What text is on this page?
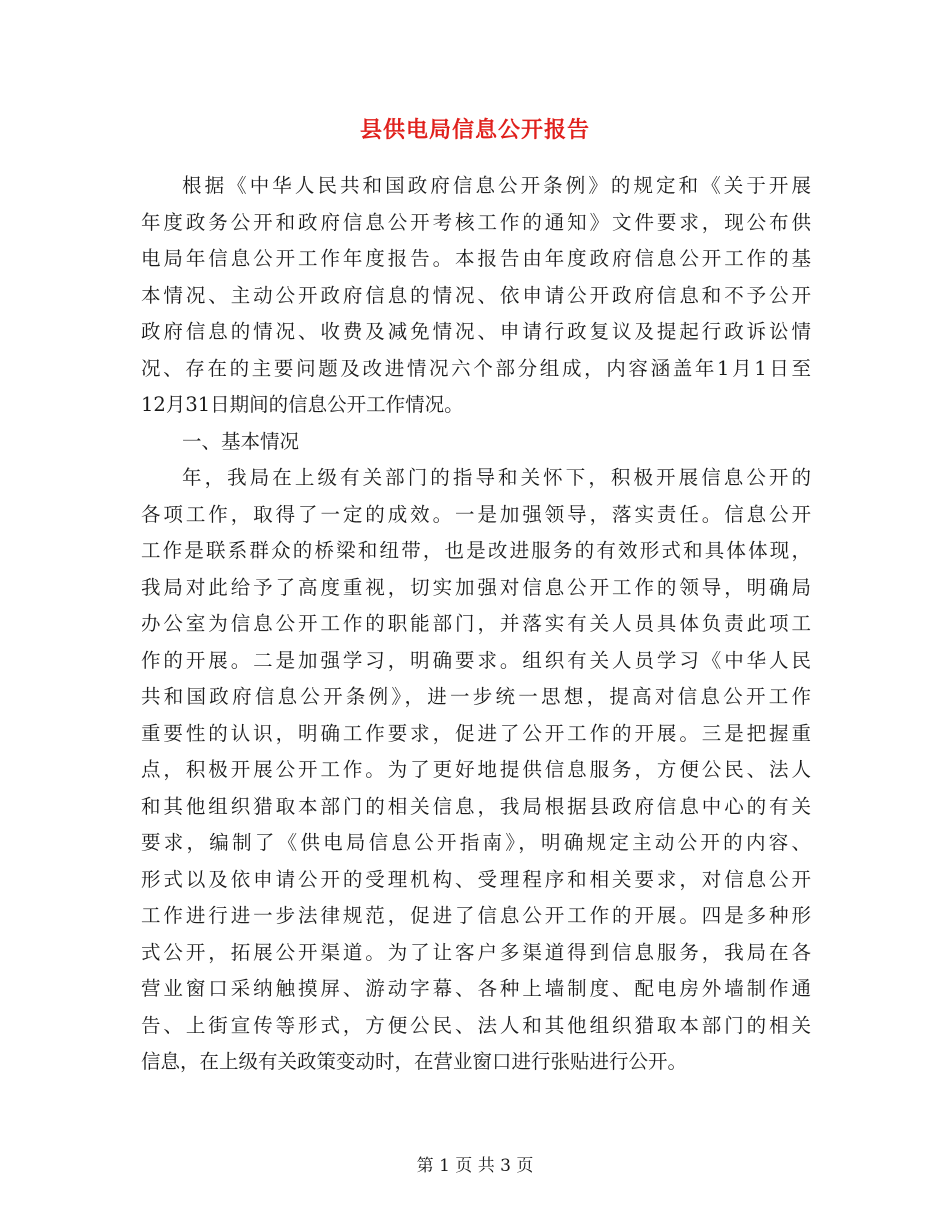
县供电局信息公开报告
根据《中华人民共和国政府信息公开条例》的规定和《关于开展
年度政务公开和政府信息公开考核工作的通知》文件要求，现公布供
电局年信息公开工作年度报告。本报告由年度政府信息公开工作的基
本情况、主动公开政府信息的情况、依申请公开政府信息和不予公开
政府信息的情况、收费及减免情况、申请行政复议及提起行政诉讼情
况、存在的主要问题及改进情况六个部分组成，内容涵盖年1月1日至
12月31日期间的信息公开工作情况。
一、基本情况
年，我局在上级有关部门的指导和关怀下，积极开展信息公开的
各项工作，取得了一定的成效。一是加强领导，落实责任。信息公开
工作是联系群众的桥梁和纽带，也是改进服务的有效形式和具体体现，
我局对此给予了高度重视，切实加强对信息公开工作的领导，明确局
办公室为信息公开工作的职能部门，并落实有关人员具体负责此项工
作的开展。二是加强学习，明确要求。组织有关人员学习《中华人民
共和国政府信息公开条例》，进一步统一思想，提高对信息公开工作
重要性的认识，明确工作要求，促进了公开工作的开展。三是把握重
点，积极开展公开工作。为了更好地提供信息服务，方便公民、法人
和其他组织猎取本部门的相关信息，我局根据县政府信息中心的有关
要求，编制了《供电局信息公开指南》，明确规定主动公开的内容、
形式以及依申请公开的受理机构、受理程序和相关要求，对信息公开
工作进行进一步法律规范，促进了信息公开工作的开展。四是多种形
式公开，拓展公开渠道。为了让客户多渠道得到信息服务，我局在各
营业窗口采纳触摸屏、游动字幕、各种上墙制度、配电房外墙制作通
告、上街宣传等形式，方便公民、法人和其他组织猎取本部门的相关
信息，在上级有关政策变动时，在营业窗口进行张贴进行公开。
第 1 页 共 3 页
